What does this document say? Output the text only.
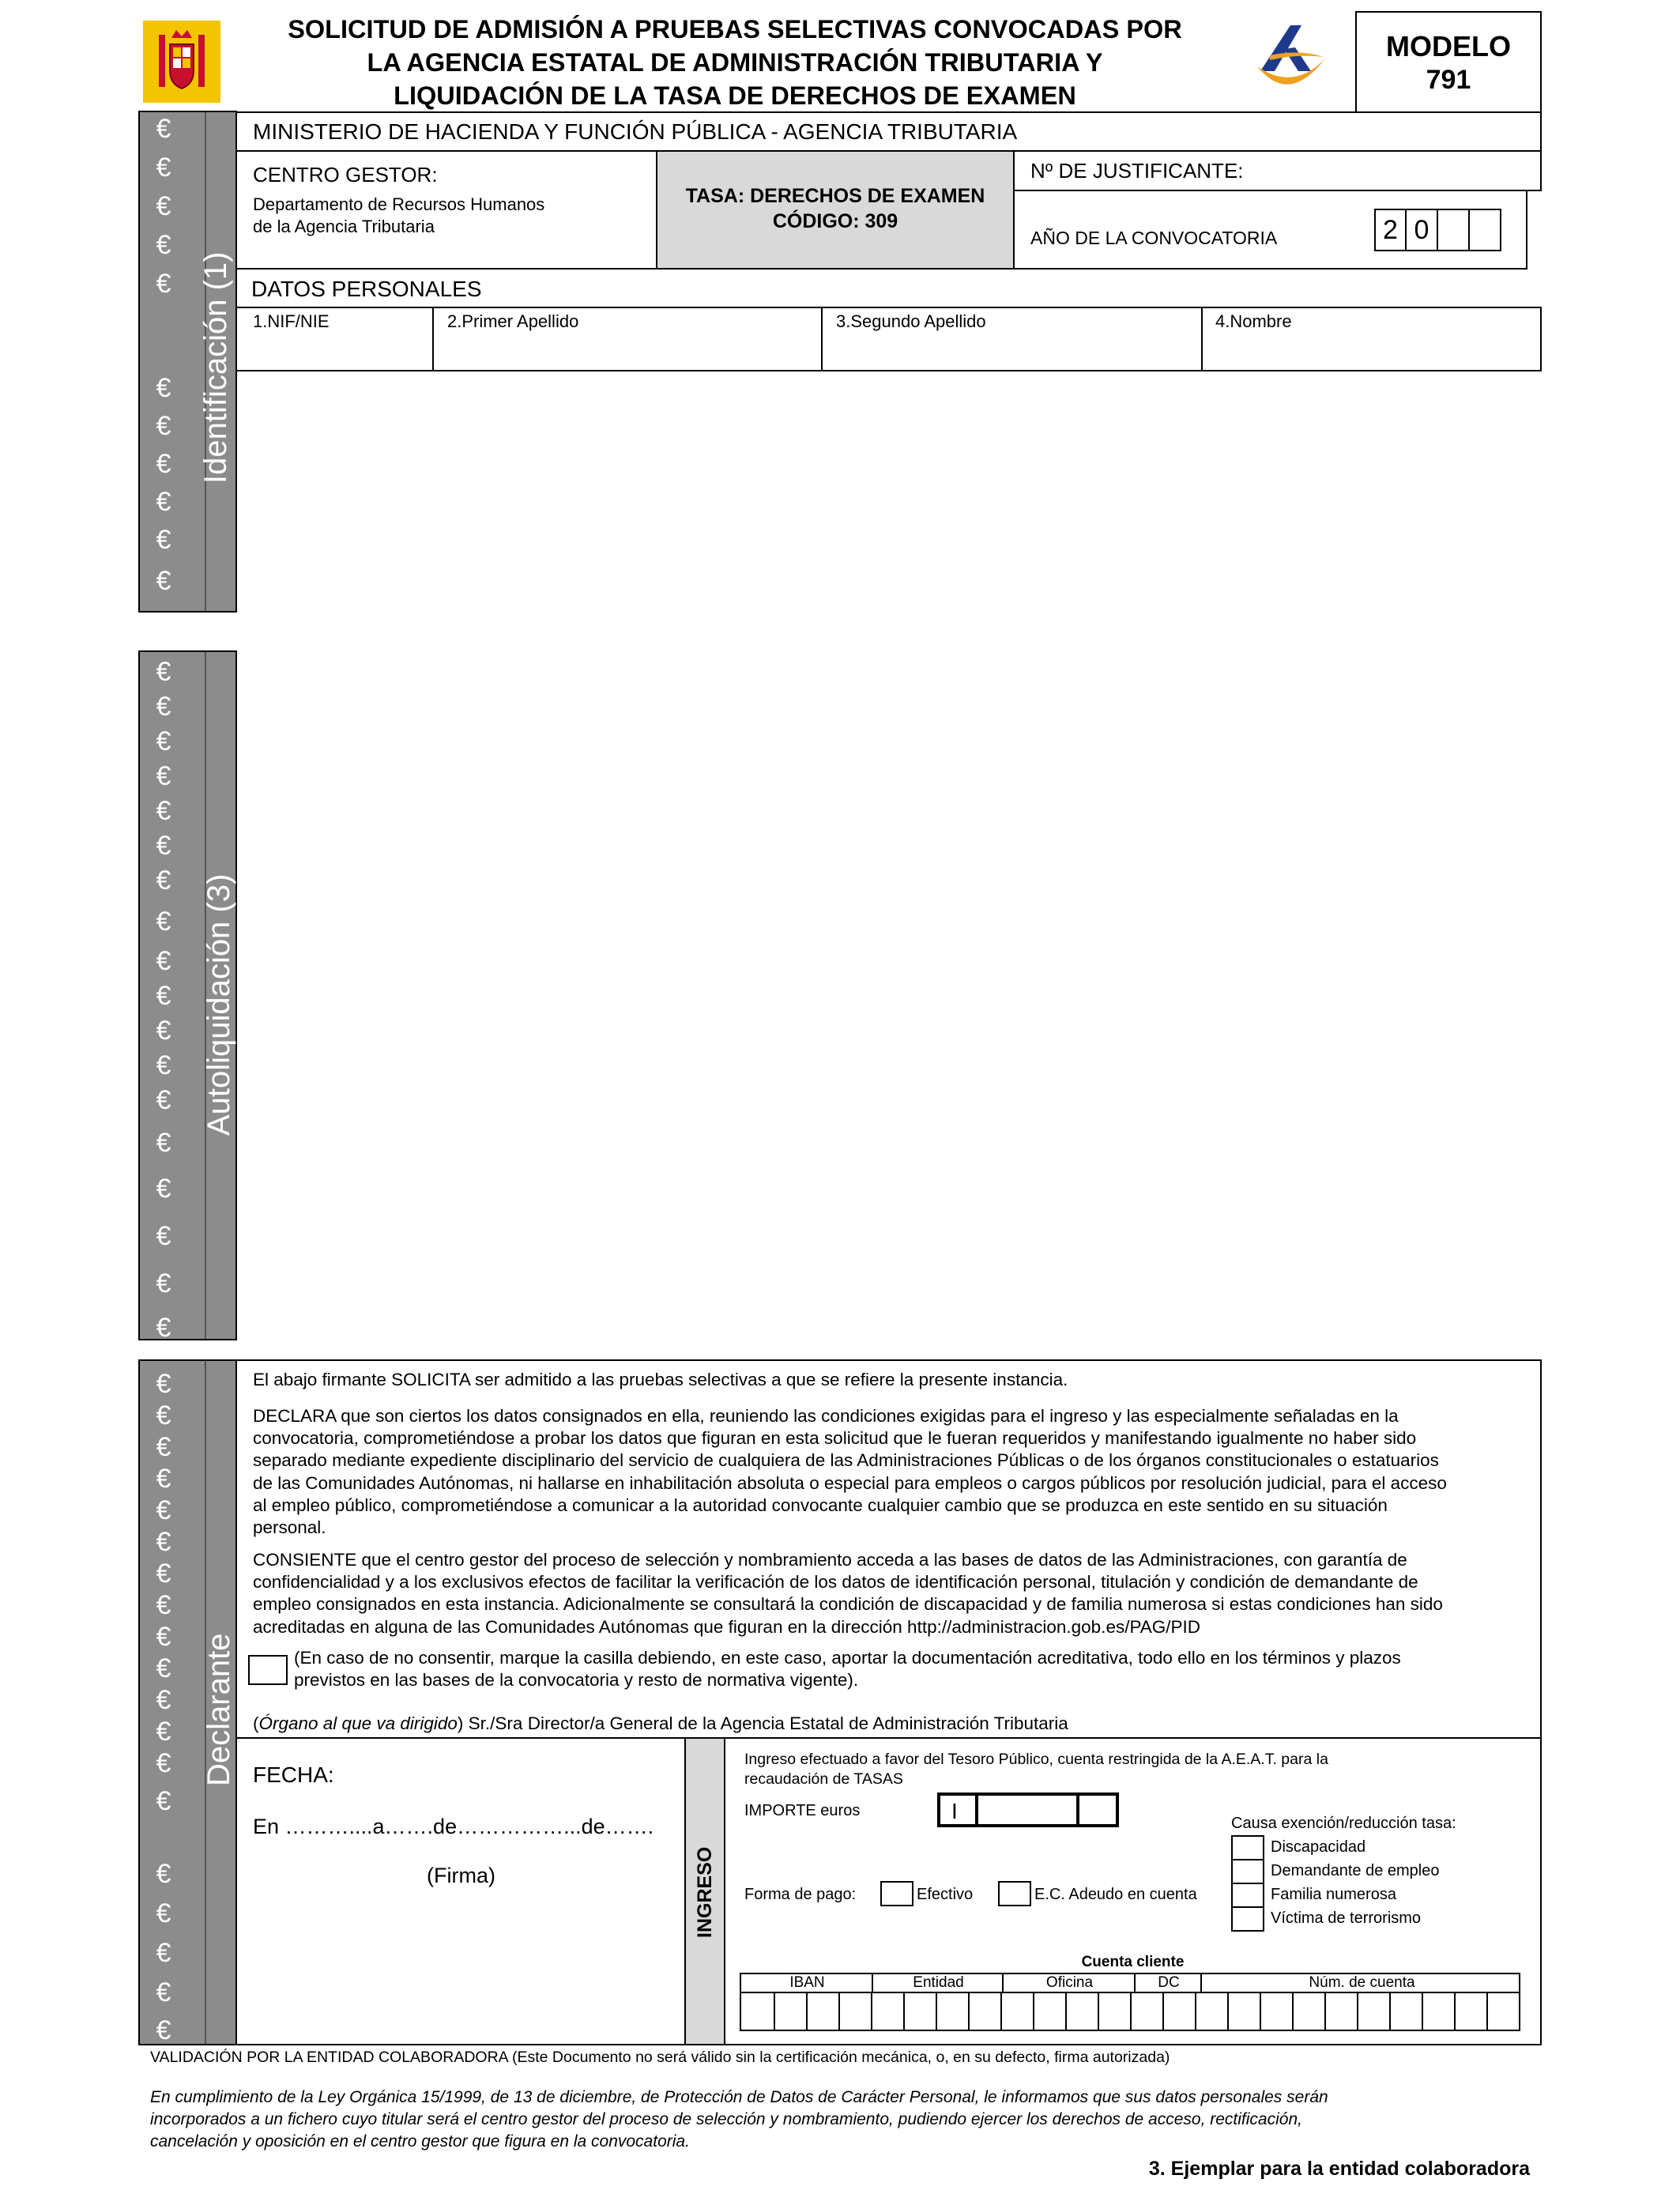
SOLICITUD DE ADMISIÓN A PRUEBAS SELECTIVAS CONVOCADAS POR
LA AGENCIA ESTATAL DE ADMINISTRACIÓN TRIBUTARIA Y
LIQUIDACIÓN DE LA TASA DE DERECHOS DE EXAMEN
MODELO
791
€
€
€
€
€
€
€
€
€
€
€
Identificación (1)
MINISTERIO DE HACIENDA Y FUNCIÓN PÚBLICA - AGENCIA TRIBUTARIA
CENTRO GESTOR:
Departamento de Recursos Humanos
de la Agencia Tributaria
TASA: DERECHOS DE EXAMEN
CÓDIGO: 309
Nº DE JUSTIFICANTE:
AÑO DE LA CONVOCATORIA	2 0
DATOS PERSONALES
1.NIF/NIE	2.Primer Apellido	3.Segundo Apellido	4.Nombre
€
€
€
€
€
€
€
€
€
€
€
€
€
€
€
€
€
€
Autoliquidación (3)
El abajo firmante SOLICITA ser admitido a las pruebas selectivas a que se refiere la presente instancia.
DECLARA que son ciertos los datos consignados en ella, reuniendo las condiciones exigidas para el ingreso y las especialmente señaladas en la
convocatoria, comprometiéndose a probar los datos que figuran en esta solicitud que le fueran requeridos y manifestando igualmente no haber sido
separado mediante expediente disciplinario del servicio de cualquiera de las Administraciones Públicas o de los órganos constitucionales o estatuarios
de las Comunidades Autónomas, ni hallarse en inhabilitación absoluta o especial para empleos o cargos públicos por resolución judicial, para el acceso
al empleo público, comprometiéndose a comunicar a la autoridad convocante cualquier cambio que se produzca en este sentido en su situación
personal.
CONSIENTE que el centro gestor del proceso de selección y nombramiento acceda a las bases de datos de las Administraciones, con garantía de
confidencialidad y a los exclusivos efectos de facilitar la verificación de los datos de identificación personal, titulación y condición de demandante de
empleo consignados en esta instancia. Adicionalmente se consultará la condición de discapacidad y de familia numerosa si estas condiciones han sido
acreditadas en alguna de las Comunidades Autónomas que figuran en la dirección http://administracion.gob.es/PAG/PID
(En caso de no consentir, marque la casilla debiendo, en este caso, aportar la documentación acreditativa, todo ello en los términos y plazos
previstos en las bases de la convocatoria y resto de normativa vigente).
(Órgano al que va dirigido) Sr./Sra Director/a General de la Agencia Estatal de Administración Tributaria
€
€
€
€
€
€
€
€
€
€
€
€
€
€
€
€
€
€
€
Declarante FECHA:
En ………....a…….de……………...de…….
(Firma)	INGRESO
Ingreso efectuado a favor del Tesoro Público, cuenta restringida de la A.E.A.T. para la
recaudación de TASAS
IMPORTE euros	I	Causa exención/reducción tasa:
Discapacidad
Demandante de empleo
Familia numerosa
Víctima de terrorismo
Forma de pago:	Efectivo	E.C. Adeudo en cuenta
Cuenta cliente
IBAN	Entidad	Oficina	DC	Núm. de cuenta
VALIDACIÓN POR LA ENTIDAD COLABORADORA (Este Documento no será válido sin la certificación mecánica, o, en su defecto, firma autorizada)
En cumplimiento de la Ley Orgánica 15/1999, de 13 de diciembre, de Protección de Datos de Carácter Personal, le informamos que sus datos personales serán
incorporados a un fichero cuyo titular será el centro gestor del proceso de selección y nombramiento, pudiendo ejercer los derechos de acceso, rectificación,
cancelación y oposición en el centro gestor que figura en la convocatoria.
3. Ejemplar para la entidad colaboradora
